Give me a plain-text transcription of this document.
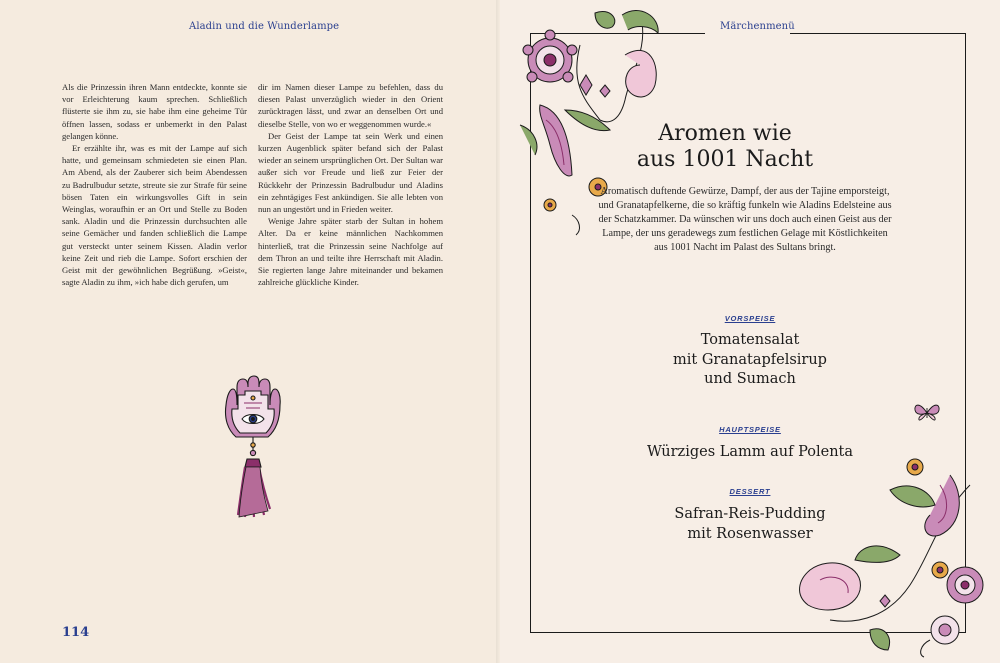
Aladin und die Wunderlampe

Als die Prinzessin ihren Mann entdeckte, konnte sie vor Erleichterung kaum sprechen. Schließlich flüsterte sie ihm zu, sie habe ihm eine geheime Tür öffnen lassen, sodass er unbemerkt in den Palast gelangen könne.

Er erzählte ihr, was es mit der Lampe auf sich hatte, und gemeinsam schmiedeten sie einen Plan. Am Abend, als der Zauberer sich beim Abendessen zu Badrulbudur setzte, streute sie zur Strafe für seine bösen Taten ein wirkungsvolles Gift in sein Weinglas, woraufhin er an Ort und Stelle zu Boden sank. Aladin und die Prinzessin durchsuchten alle seine Gemächer und fanden schließlich die Lampe gut versteckt unter seinem Kissen. Aladin verlor keine Zeit und rieb die Lampe. Sofort erschien der Geist mit der gewöhnlichen Begrüßung. »Geist«, sagte Aladin zu ihm, »ich habe dich gerufen, um

dir im Namen dieser Lampe zu befehlen, dass du diesen Palast unverzüglich wieder in den Orient zurücktragen lässt, und zwar an denselben Ort und dieselbe Stelle, von wo er weggenommen wurde.«

Der Geist der Lampe tat sein Werk und einen kurzen Augenblick später befand sich der Palast wieder an seinem ursprünglichen Ort. Der Sultan war außer sich vor Freude und ließ zur Feier der Rückkehr der Prinzessin Badrulbudur und Aladins ein zehntägiges Fest ankündigen. Sie alle lebten von nun an ungestört und in Frieden weiter.

Wenige Jahre später starb der Sultan in hohem Alter. Da er keine männlichen Nachkommen hinterließ, trat die Prinzessin seine Nachfolge auf dem Thron an und teilte ihre Herrschaft mit Aladin. Sie regierten lange Jahre miteinander und bekamen zahlreiche glückliche Kinder.

114
Märchenmenü
Aromen wie
aus 1001 Nacht
Aromatisch duftende Gewürze, Dampf, der aus der Tajine emporsteigt, und Granatapfelkerne, die so kräftig funkeln wie Aladins Edelsteine aus der Schatzkammer. Da wünschen wir uns doch auch einen Geist aus der Lampe, der uns geradewegs zum festlichen Gelage mit Köstlichkeiten aus 1001 Nacht im Palast des Sultans bringt.
VORSPEISE
Tomatensalat
mit Granatapfelsirup
und Sumach
HAUPTSPEISE
Würziges Lamm auf Polenta
DESSERT
Safran-Reis-Pudding
mit Rosenwasser
